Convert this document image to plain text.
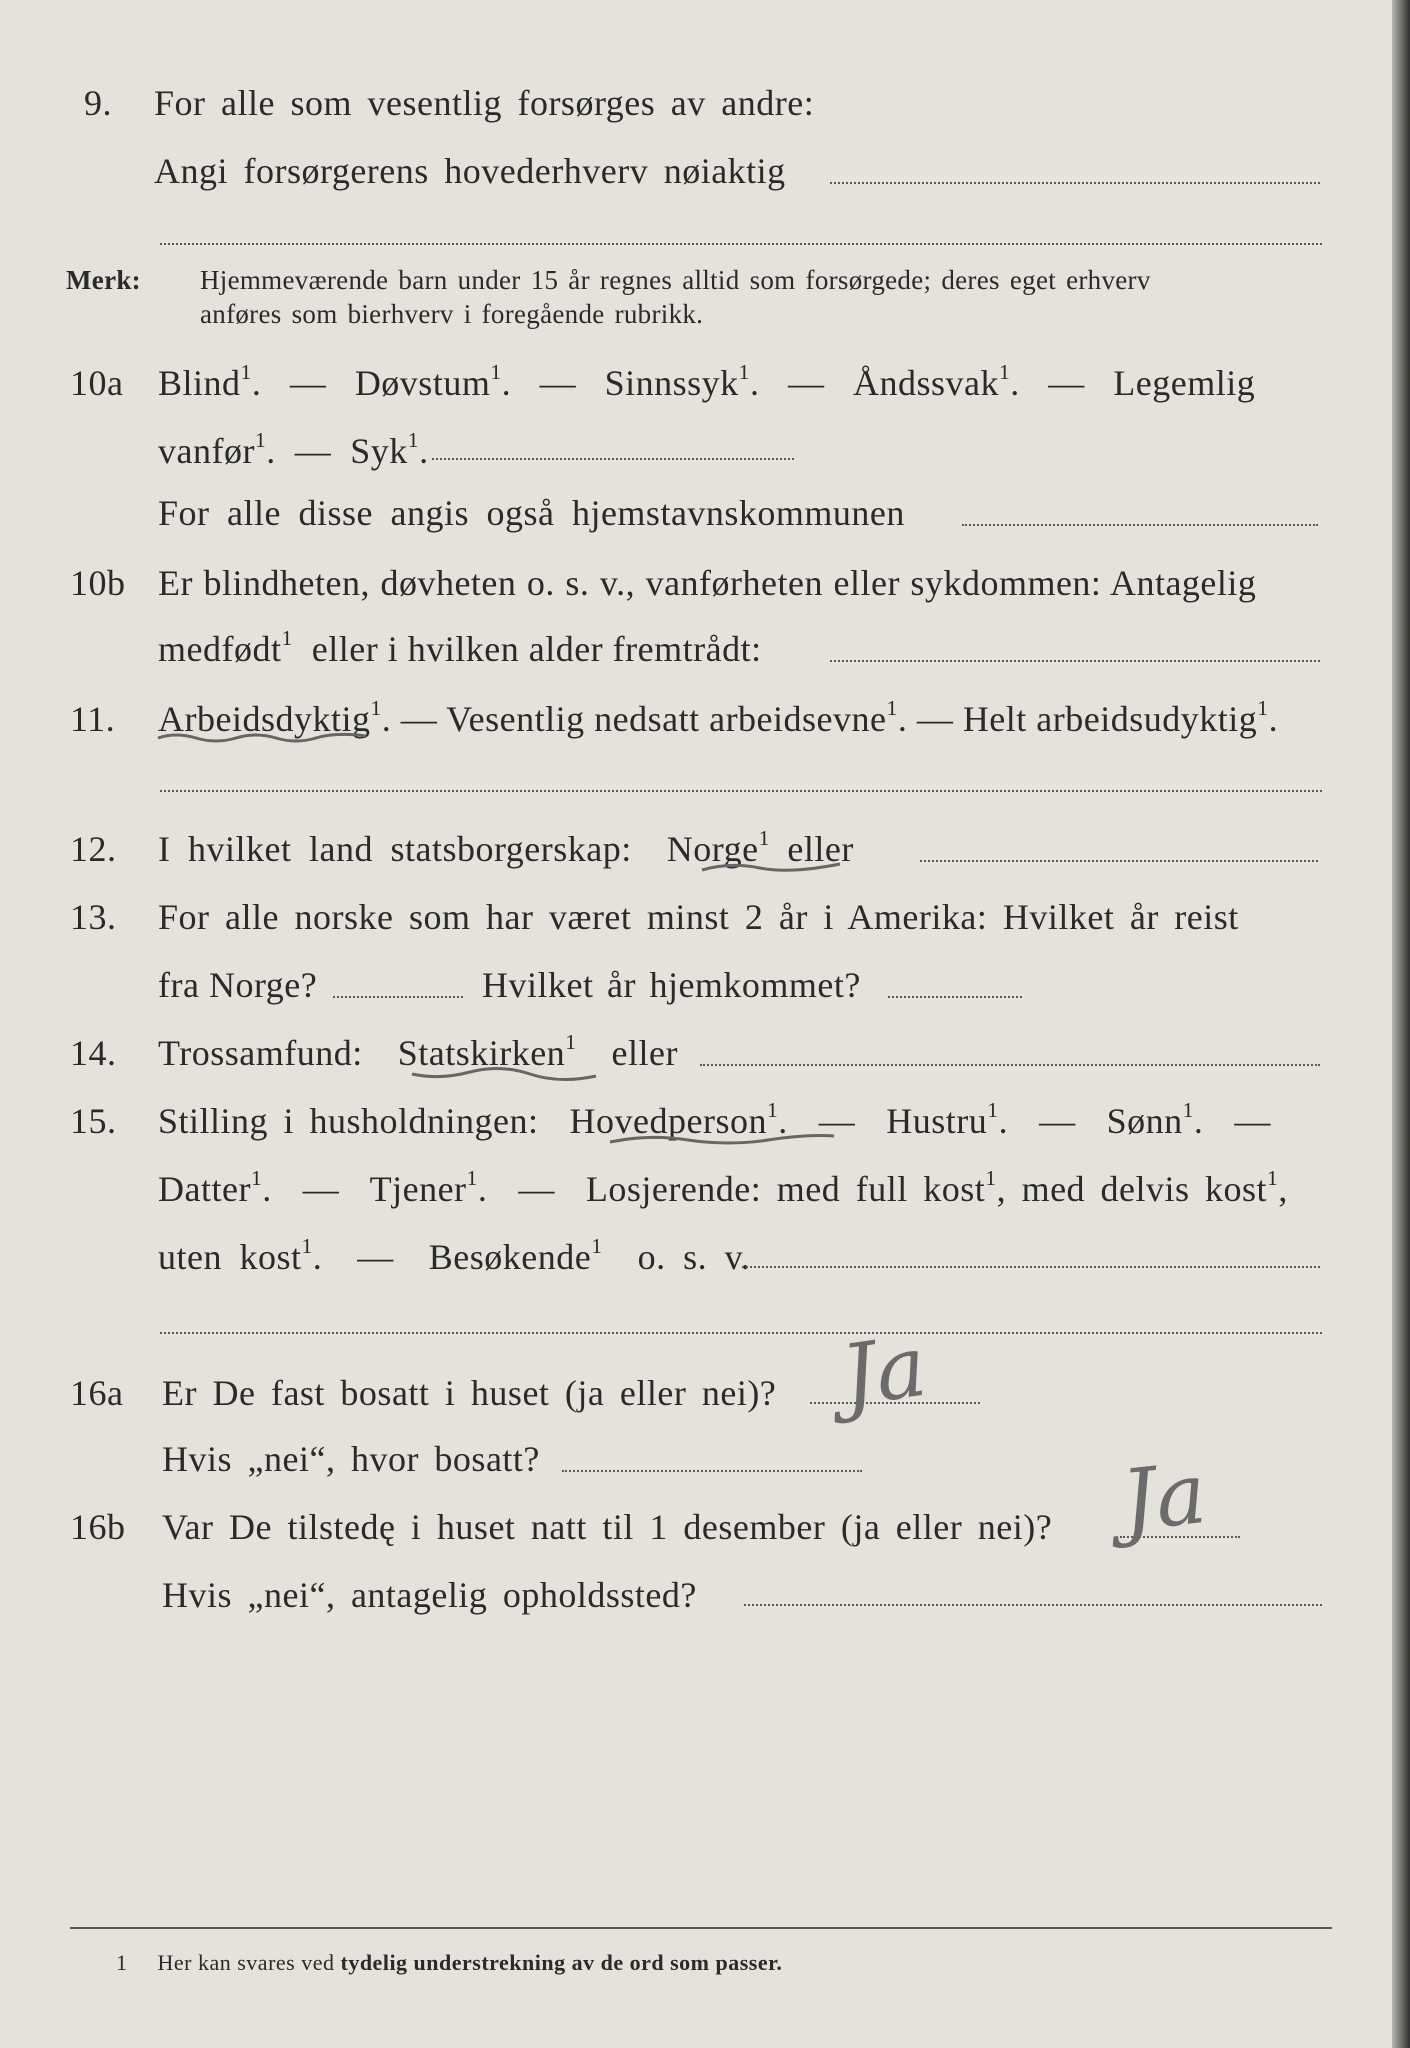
9. For alle som vesentlig forsørges av andre:
Angi forsørgerens hovederhverv nøiaktig
Merk: Hjemmeværende barn under 15 år regnes alltid som forsørgede; deres eget erhverv
anføres som bierhverv i foregående rubrikk.
10a Blind$^1$. — Døvstum$^1$. — Sinnssyk$^1$. — Åndssvak$^1$. — Legemlig
vanfør$^1$. — Syk$^1$.
For alle disse angis også hjemstavnskommunen
10b Er blindheten, døvheten o. s. v., vanførheten eller sykdommen: Antagelig
medfødt$^1$ eller i hvilken alder fremtrådt:
11. Arbeidsdyktig$^1$. — Vesentlig nedsatt arbeidsevne$^1$. — Helt arbeidsudyktig$^1$.
12. I hvilket land statsborgerskap: Norge$^1$ eller
13. For alle norske som har været minst 2 år i Amerika: Hvilket år reist
fra Norge?	Hvilket år hjemkommet?
14. Trossamfund: Statskirken$^1$ eller
15. Stilling i husholdningen: Hovedperson$^1$. — Hustru$^1$. — Sønn$^1$. —
Datter$^1$. — Tjener$^1$. — Losjerende: med full kost$^1$, med delvis kost$^1$,
uten kost$^1$. — Besøkende$^1$ o. s. v.
16a Er De fast bosatt i huset (ja eller nei)? Ja
Hvis „nei“, hvor bosatt?
16b Var De tilstedę i huset natt til 1 desember (ja eller nei)? Ja
Hvis „nei“, antagelig opholdssted?
1 Her kan svares ved tydelig understrekning av de ord som passer.
